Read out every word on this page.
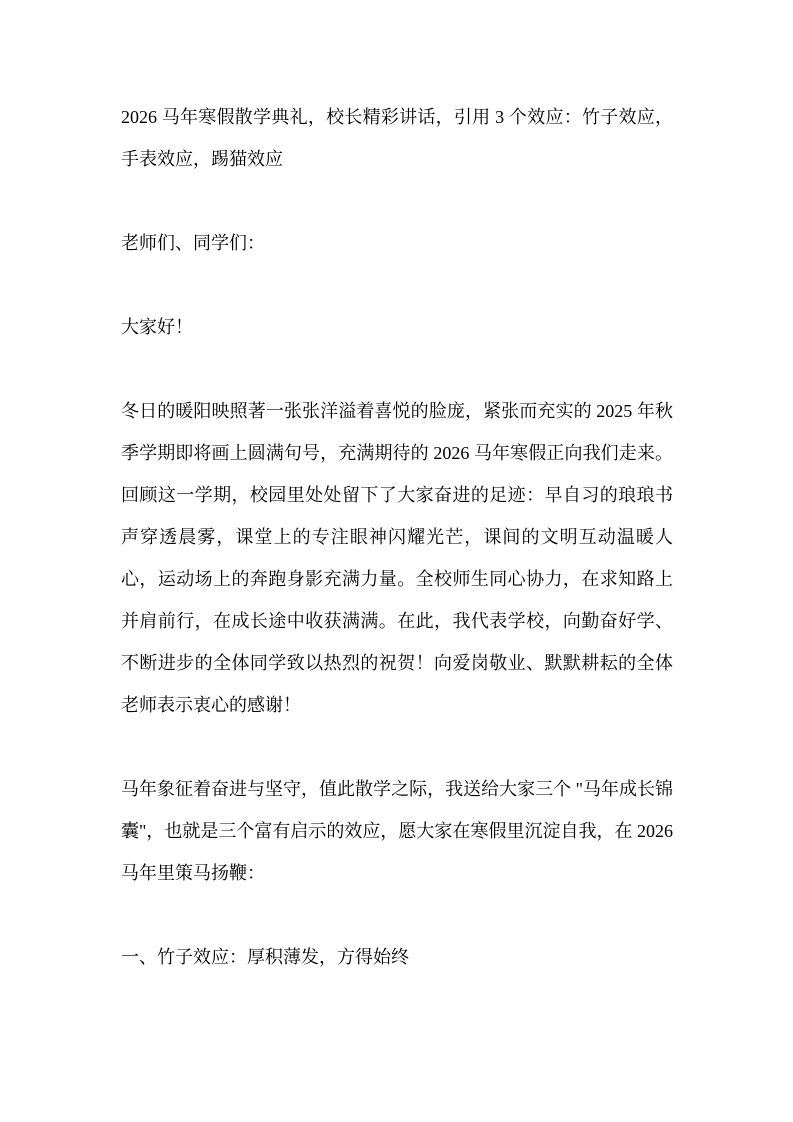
2026 马年寒假散学典礼，校长精彩讲话，引用 3 个效应：竹子效应，手表效应，踢猫效应

老师们、同学们：

大家好！

冬日的暖阳映照著一张张洋溢着喜悦的脸庞，紧张而充实的 2025 年秋季学期即将画上圆满句号，充满期待的 2026 马年寒假正向我们走来。回顾这一学期，校园里处处留下了大家奋进的足迹：早自习的琅琅书声穿透晨雾，课堂上的专注眼神闪耀光芒，课间的文明互动温暖人心，运动场上的奔跑身影充满力量。全校师生同心协力，在求知路上并肩前行，在成长途中收获满满。在此，我代表学校，向勤奋好学、不断进步的全体同学致以热烈的祝贺！向爱岗敬业、默默耕耘的全体老师表示衷心的感谢！

马年象征着奋进与坚守，值此散学之际，我送给大家三个 "马年成长锦囊"，也就是三个富有启示的效应，愿大家在寒假里沉淀自我，在 2026 马年里策马扬鞭：

一、竹子效应：厚积薄发，方得始终
